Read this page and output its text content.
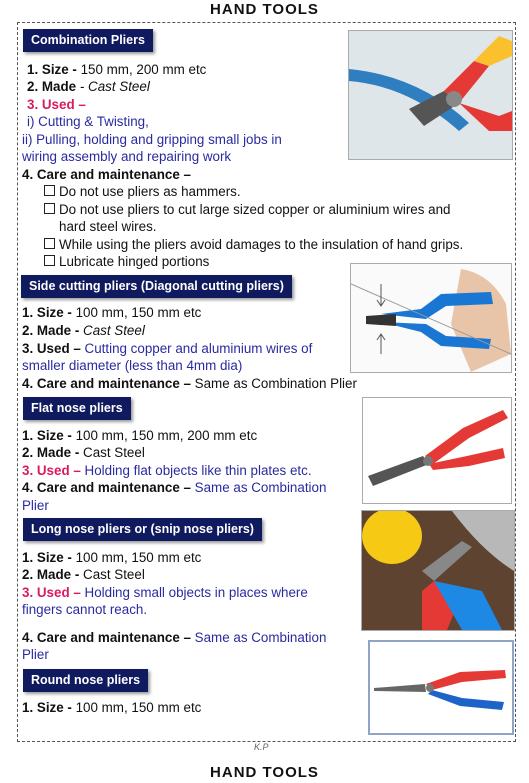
HAND TOOLS
Combination Pliers
1. Size - 150 mm, 200 mm etc
2. Made - Cast Steel
3. Used –
i) Cutting & Twisting,
ii) Pulling, holding and gripping small jobs in
wiring assembly and repairing work
4. Care and maintenance –
Do not use pliers as hammers.
Do not use pliers to cut large sized copper or aluminium wires and
hard steel wires.
While using the pliers avoid damages to the insulation of hand grips.
Lubricate hinged portions
Side cutting pliers (Diagonal cutting pliers)
1. Size - 100 mm, 150 mm etc
2. Made - Cast Steel
3. Used – Cutting copper and aluminium wires of
smaller diameter (less than 4mm dia)
4. Care and maintenance – Same as Combination Plier
Flat nose pliers
1. Size - 100 mm, 150 mm, 200 mm etc
2. Made - Cast Steel
3. Used – Holding flat objects like thin plates etc.
4. Care and maintenance – Same as Combination
Plier
Long nose pliers or (snip nose pliers)
1. Size - 100 mm, 150 mm etc
2. Made - Cast Steel
3. Used – Holding small objects in places where
fingers cannot reach.
4. Care and maintenance – Same as Combination
Plier
Round nose pliers
1. Size - 100 mm, 150 mm etc
K.P
HAND TOOLS
